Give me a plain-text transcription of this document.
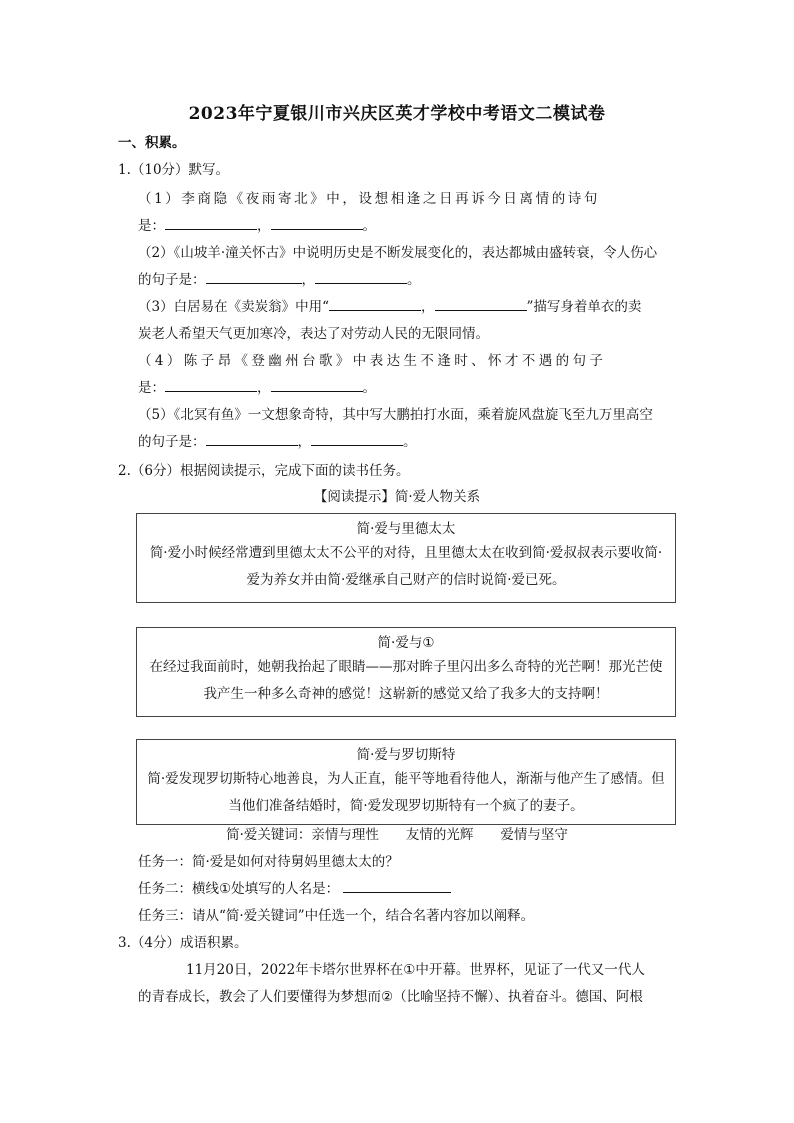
2023年宁夏银川市兴庆区英才学校中考语文二模试卷
一、积累。
1.（10分）默写。
（1）李商隐《夜雨寄北》中，设想相逢之日再诉今日离情的诗句
是：	，	。
（2）《山坡羊·潼关怀古》中说明历史是不断发展变化的，表达都城由盛转衰，令人伤心
的句子是：	，	。
（3）白居易在《卖炭翁》中用“	，	”描写身着单衣的卖
炭老人希望天气更加寒冷，表达了对劳动人民的无限同情。
（4）陈子昂《登幽州台歌》中表达生不逢时、怀才不遇的句子
是：	，	。
（5）《北冥有鱼》一文想象奇特，其中写大鹏拍打水面，乘着旋风盘旋飞至九万里高空
的句子是：	，	。
2.（6分）根据阅读提示，完成下面的读书任务。
【阅读提示】简·爱人物关系
简·爱与里德太太
简·爱小时候经常遭到里德太太不公平的对待，且里德太太在收到简·爱叔叔表示要收简·
爱为养女并由简·爱继承自己财产的信时说简·爱已死。
简·爱与①
在经过我面前时，她朝我抬起了眼睛——那对眸子里闪出多么奇特的光芒啊！那光芒使
我产生一种多么奇神的感觉！这崭新的感觉又给了我多大的支持啊！
简·爱与罗切斯特
简·爱发现罗切斯特心地善良，为人正直，能平等地看待他人，渐渐与他产生了感情。但
当他们准备结婚时，简·爱发现罗切斯特有一个疯了的妻子。
简·爱关键词：亲情与理性　　友情的光辉　　爱情与坚守
任务一：简·爱是如何对待舅妈里德太太的？
任务二：横线①处填写的人名是：
任务三：请从“简·爱关键词”中任选一个，结合名著内容加以阐释。
3.（4分）成语积累。
11月20日，2022年卡塔尔世界杯在①中开幕。世界杯，见证了一代又一代人
的青春成长，教会了人们要懂得为梦想而②（比喻坚持不懈）、执着奋斗。德国、阿根
